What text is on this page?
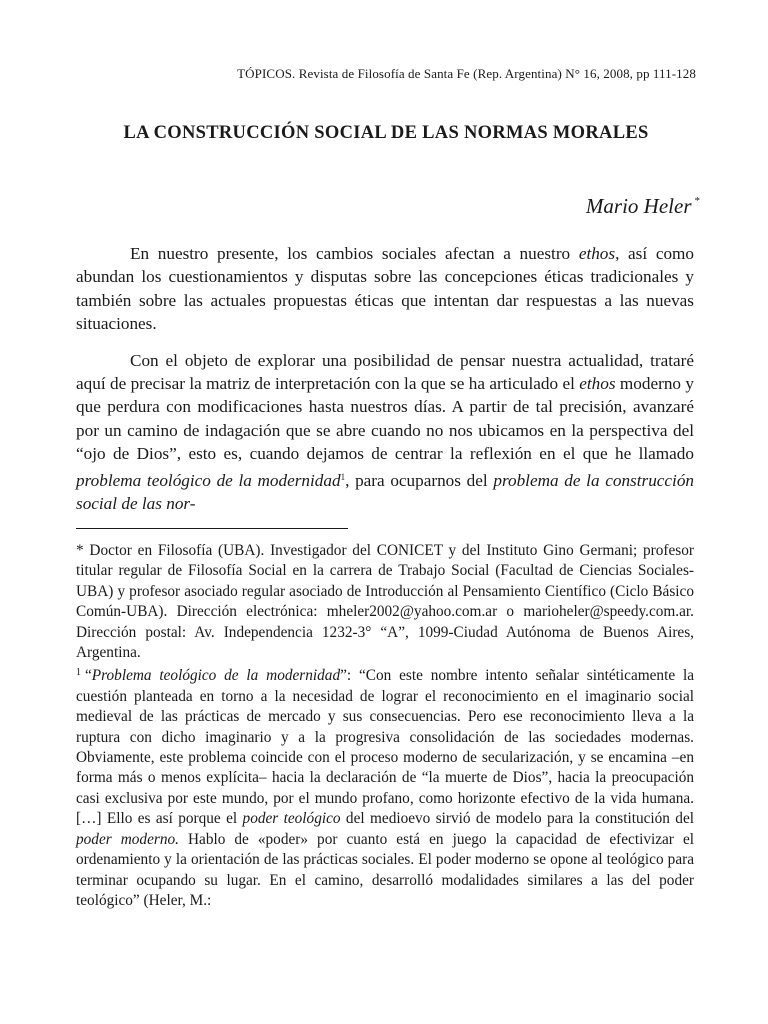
TÓPICOS. Revista de Filosofía de Santa Fe (Rep. Argentina) N° 16, 2008, pp 111-128
LA CONSTRUCCIÓN SOCIAL DE LAS NORMAS MORALES
Mario Heler *

En nuestro presente, los cambios sociales afectan a nuestro ethos, así como abundan los cuestionamientos y disputas sobre las concepciones éticas tradicionales y también sobre las actuales propuestas éticas que intentan dar respuestas a las nuevas situaciones.

Con el objeto de explorar una posibilidad de pensar nuestra actualidad, trataré aquí de precisar la matriz de interpretación con la que se ha articulado el ethos moderno y que perdura con modificaciones hasta nuestros días. A partir de tal precisión, avanzaré por un camino de indagación que se abre cuando no nos ubicamos en la perspectiva del “ojo de Dios”, esto es, cuando dejamos de centrar la reflexión en el que he llamado problema teológico de la modernidad$^1$, para ocuparnos del problema de la construcción social de las nor-

* Doctor en Filosofía (UBA). Investigador del CONICET y del Instituto Gino Germani; profesor titular regular de Filosofía Social en la carrera de Trabajo Social (Facultad de Ciencias Sociales-UBA) y profesor asociado regular asociado de Introducción al Pensamiento Científico (Ciclo Básico Común-UBA). Dirección electrónica: mheler2002@yahoo.com.ar o marioheler@speedy.com.ar. Dirección postal: Av. Independencia 1232-3° “A”, 1099-Ciudad Autónoma de Buenos Aires, Argentina.

$^1$ “Problema teológico de la modernidad”: “Con este nombre intento señalar sintéticamente la cuestión planteada en torno a la necesidad de lograr el reconocimiento en el imaginario social medieval de las prácticas de mercado y sus consecuencias. Pero ese reconocimiento lleva a la ruptura con dicho imaginario y a la progresiva consolidación de las sociedades modernas. Obviamente, este problema coincide con el proceso moderno de secularización, y se encamina –en forma más o menos explícita– hacia la declaración de “la muerte de Dios”, hacia la preocupación casi exclusiva por este mundo, por el mundo profano, como horizonte efectivo de la vida humana. […] Ello es así porque el poder teológico del medioevo sirvió de modelo para la constitución del poder moderno. Hablo de «poder» por cuanto está en juego la capacidad de efectivizar el ordenamiento y la orientación de las prácticas sociales. El poder moderno se opone al teológico para terminar ocupando su lugar. En el camino, desarrolló modalidades similares a las del poder teológico” (Heler, M.:
